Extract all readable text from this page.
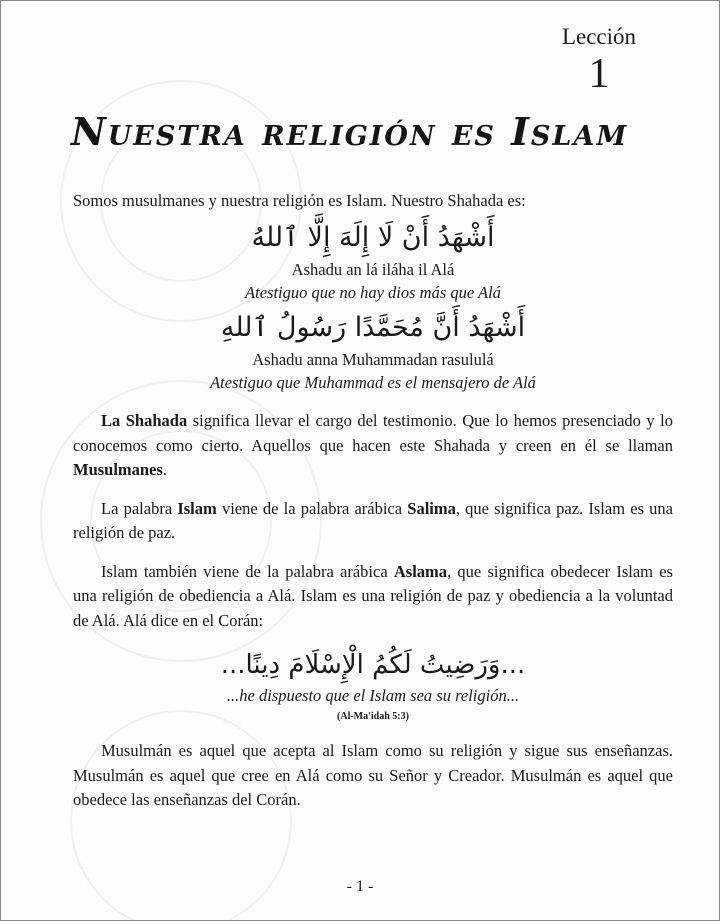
Lección
1
Nuestra religión es Islam

Somos musulmanes y nuestra religión es Islam. Nuestro Shahada es:

أَشْهَدُ أَنْ لَا إِلَهَ إِلَّا ٱللهُ

Ashadu an lá iláha il Alá

Atestiguo que no hay dios más que Alá

أَشْهَدُ أَنَّ مُحَمَّدًا رَسُولُ ٱللهِ

Ashadu anna Muhammadan rasululá

Atestiguo que Muhammad es el mensajero de Alá

La Shahada significa llevar el cargo del testimonio. Que lo hemos presenciado y lo conocemos como cierto. Aquellos que hacen este Shahada y creen en él se llaman Musulmanes.

La palabra Islam viene de la palabra arábica Salima, que significa paz. Islam es una religión de paz.

Islam también viene de la palabra arábica Aslama, que significa obedecer Islam es una religión de obediencia a Alá. Islam es una religión de paz y obediencia a la voluntad de Alá. Alá dice en el Corán:

...وَرَضِيتُ لَكُمُ الْإِسْلَامَ دِينًا...

...he dispuesto que el Islam sea su religión...

(Al-Ma'idah 5:3)

Musulmán es aquel que acepta al Islam como su religión y sigue sus enseñanzas. Musulmán es aquel que cree en Alá como su Señor y Creador. Musulmán es aquel que obedece las enseñanzas del Corán.

- 1 -
